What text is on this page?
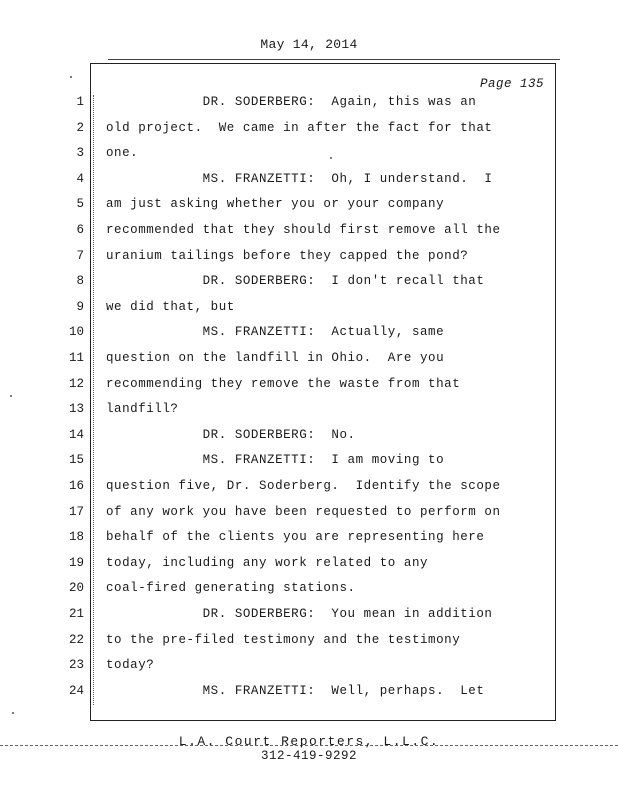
May 14, 2014
Page 135
1 DR. SODERBERG:  Again, this was an
2 old project.  We came in after the fact for that
3 one.
4 MS. FRANZETTI:  Oh, I understand.  I
5 am just asking whether you or your company
6 recommended that they should first remove all the
7 uranium tailings before they capped the pond?
8 DR. SODERBERG:  I don't recall that
9 we did that, but
10 MS. FRANZETTI:  Actually, same
11 question on the landfill in Ohio.  Are you
12 recommending they remove the waste from that
13 landfill?
14 DR. SODERBERG:  No.
15 MS. FRANZETTI:  I am moving to
16 question five, Dr. Soderberg.  Identify the scope
17 of any work you have been requested to perform on
18 behalf of the clients you are representing here
19 today, including any work related to any
20 coal-fired generating stations.
21 DR. SODERBERG:  You mean in addition
22 to the pre-filed testimony and the testimony
23 today?
24 MS. FRANZETTI:  Well, perhaps.  Let
L.A. Court Reporters, L.L.C.
312-419-9292
